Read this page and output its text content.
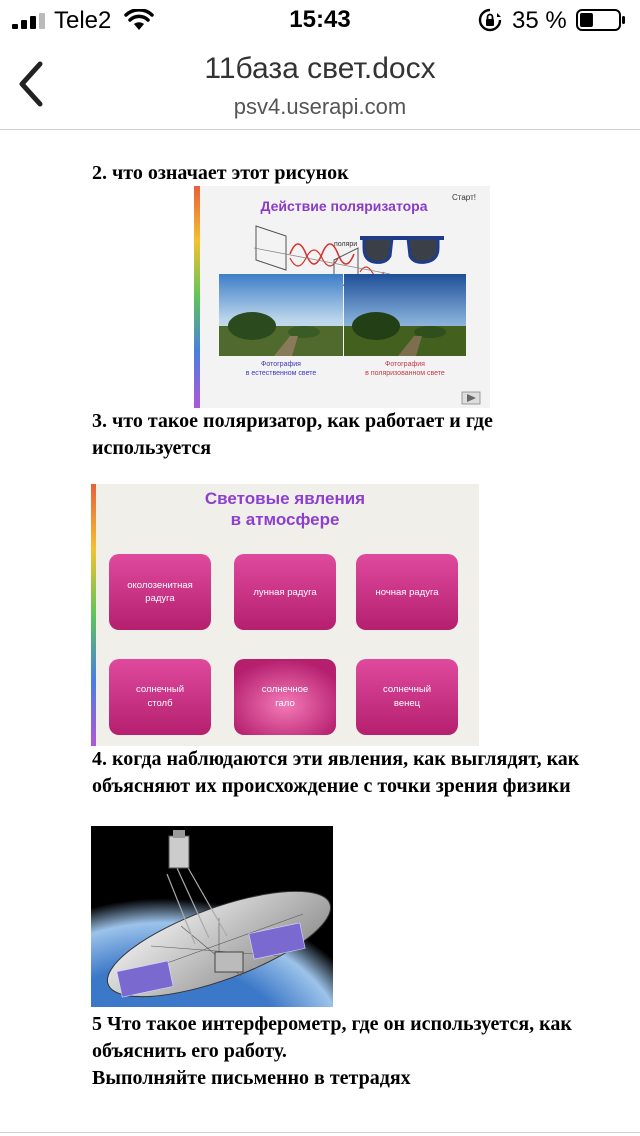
Tele2	15:43	35 %
11база свет.docx
psv4.userapi.com
2. что означает этот рисунок
Действие поляризатора
Старт!
поляри
Фотография
в естественном свете
Фотография
в поляризованном свете
3. что такое поляризатор, как работает и где используется
Световые явления
в атмосфере
околозенитная
радуга
лунная радуга	ночная радуга
солнечный
столб
солнечное
гало
солнечный
венец
4. когда наблюдаются эти явления, как выглядят, как объясняют их происхождение с точки зрения физики
5 Что такое интерферометр, где он используется, как объяснить его работу.
Выполняйте письменно в тетрадях
